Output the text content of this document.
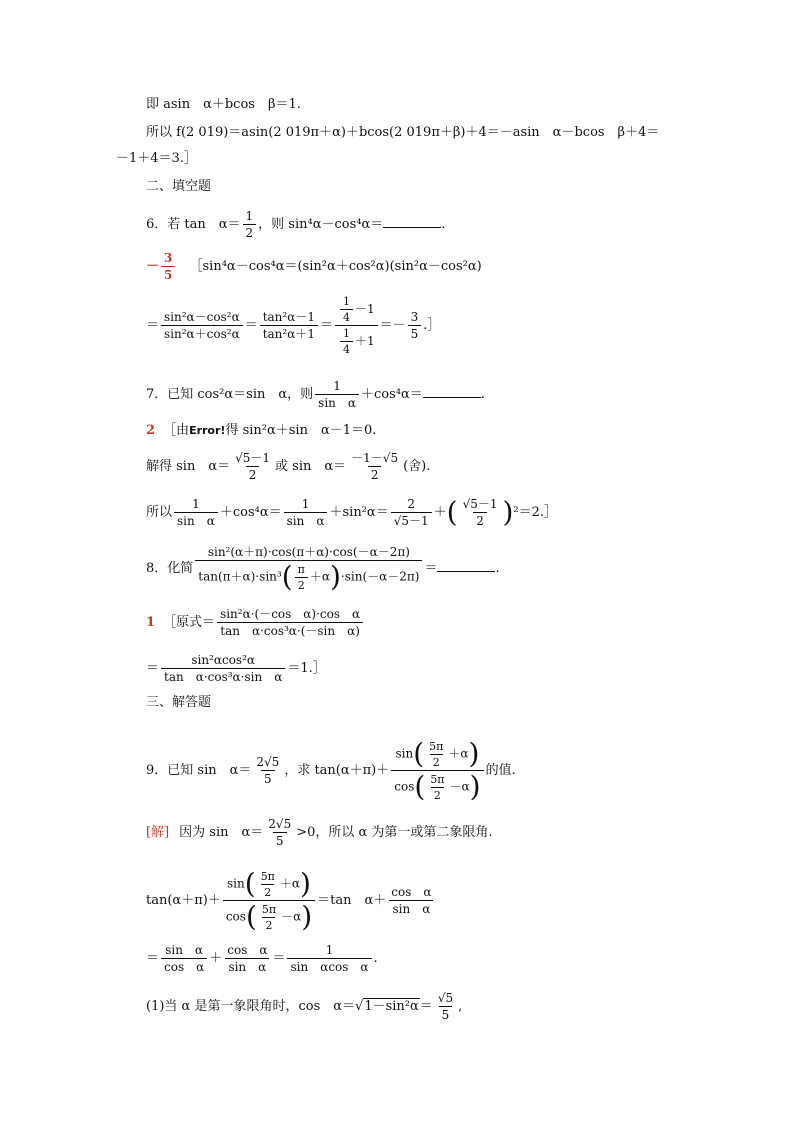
即 asin　α＋bcos　β＝1.
所以 f(2 019)＝asin(2 019π＋α)＋bcos(2 019π＋β)＋4＝－asin　α－bcos　β＋4＝
－1＋4＝3.］
二、填空题
6．若 tan　$\alpha= \frac{1}{2}$ ，则 sin⁴α－cos⁴α＝	.
－ $\frac{3}{5}$ ［sin⁴α－cos⁴α＝(sin²α＋cos²α)(sin²α－cos²α)
＝ $\frac{\text{sin²α－cos²α}}{\text{sin²α＋cos²α}} = \frac{\text{tan²α－1}}{\text{tan²α＋1}} = \frac{\frac{1}{4} -1}{\frac{1}{4} +1} =- \frac{3}{5}$ .］
7．已知 cos²α＝sin　α，则 $\frac{1}{\text{sin　α}} +\cos^4\alpha=$	.
2 ［由Error!得 sin²α＋sin　α－1＝0.
解得 sin　$\alpha= \frac{√5-1}{2}$ 或 sin　$\alpha= \frac{-1-√5}{2}$ (舍).
所以 $\frac{1}{\text{sin　α}} +\cos^4\alpha= \frac{1}{\text{sin　α}} +\sin^2\alpha= \frac{2}{√5-1}$ ＋( $\frac{√5-1}{2}$ )²＝2.］
8．化简 $\frac{\text{sin²(α＋π)·cos(π＋α)·cos(－α－2π)}}{\tan(\pi+\alpha)\cdot\sin^3( \frac{\pi}{2} +\alpha)\cdot\sin(-\alpha-2\pi)}$ ＝	.
1 ［原式＝ $\frac{\text{sin²α·(－cos　α)·cos　α}}{\text{tan　α·cos³α·(－sin　α)}}$
＝ $\frac{\text{sin²αcos²α}}{\text{tan　α·cos³α·sin　α}}$ ＝1.］
三、解答题
9．已知 sin　$\alpha= \frac{2√5}{5}$ ，求 $\tan(\alpha+\pi)+ \frac{\sin( \frac{5\pi}{2} +\alpha)}{\cos( \frac{5\pi}{2} -\alpha)}$ 的值.
[解] 因为 sin　$\alpha= \frac{2√5}{5} >0$，所以 α 为第一或第二象限角.
$\tan(\alpha+\pi)+ \frac{\sin( \frac{5\pi}{2} +\alpha)}{\cos( \frac{5\pi}{2} -\alpha)} =\tan$　$\alpha+ \frac{\text{cos　α}}{\text{sin　α}}$
＝ $\frac{\text{sin　α}}{\text{cos　α}} + \frac{\text{cos　α}}{\text{sin　α}} = \frac{1}{\text{sin　αcos　α}}$ .
(1)当 α 是第一象限角时，cos　$\alpha=√1-\sin^2\alpha= \frac{√5}{5}$ ,
